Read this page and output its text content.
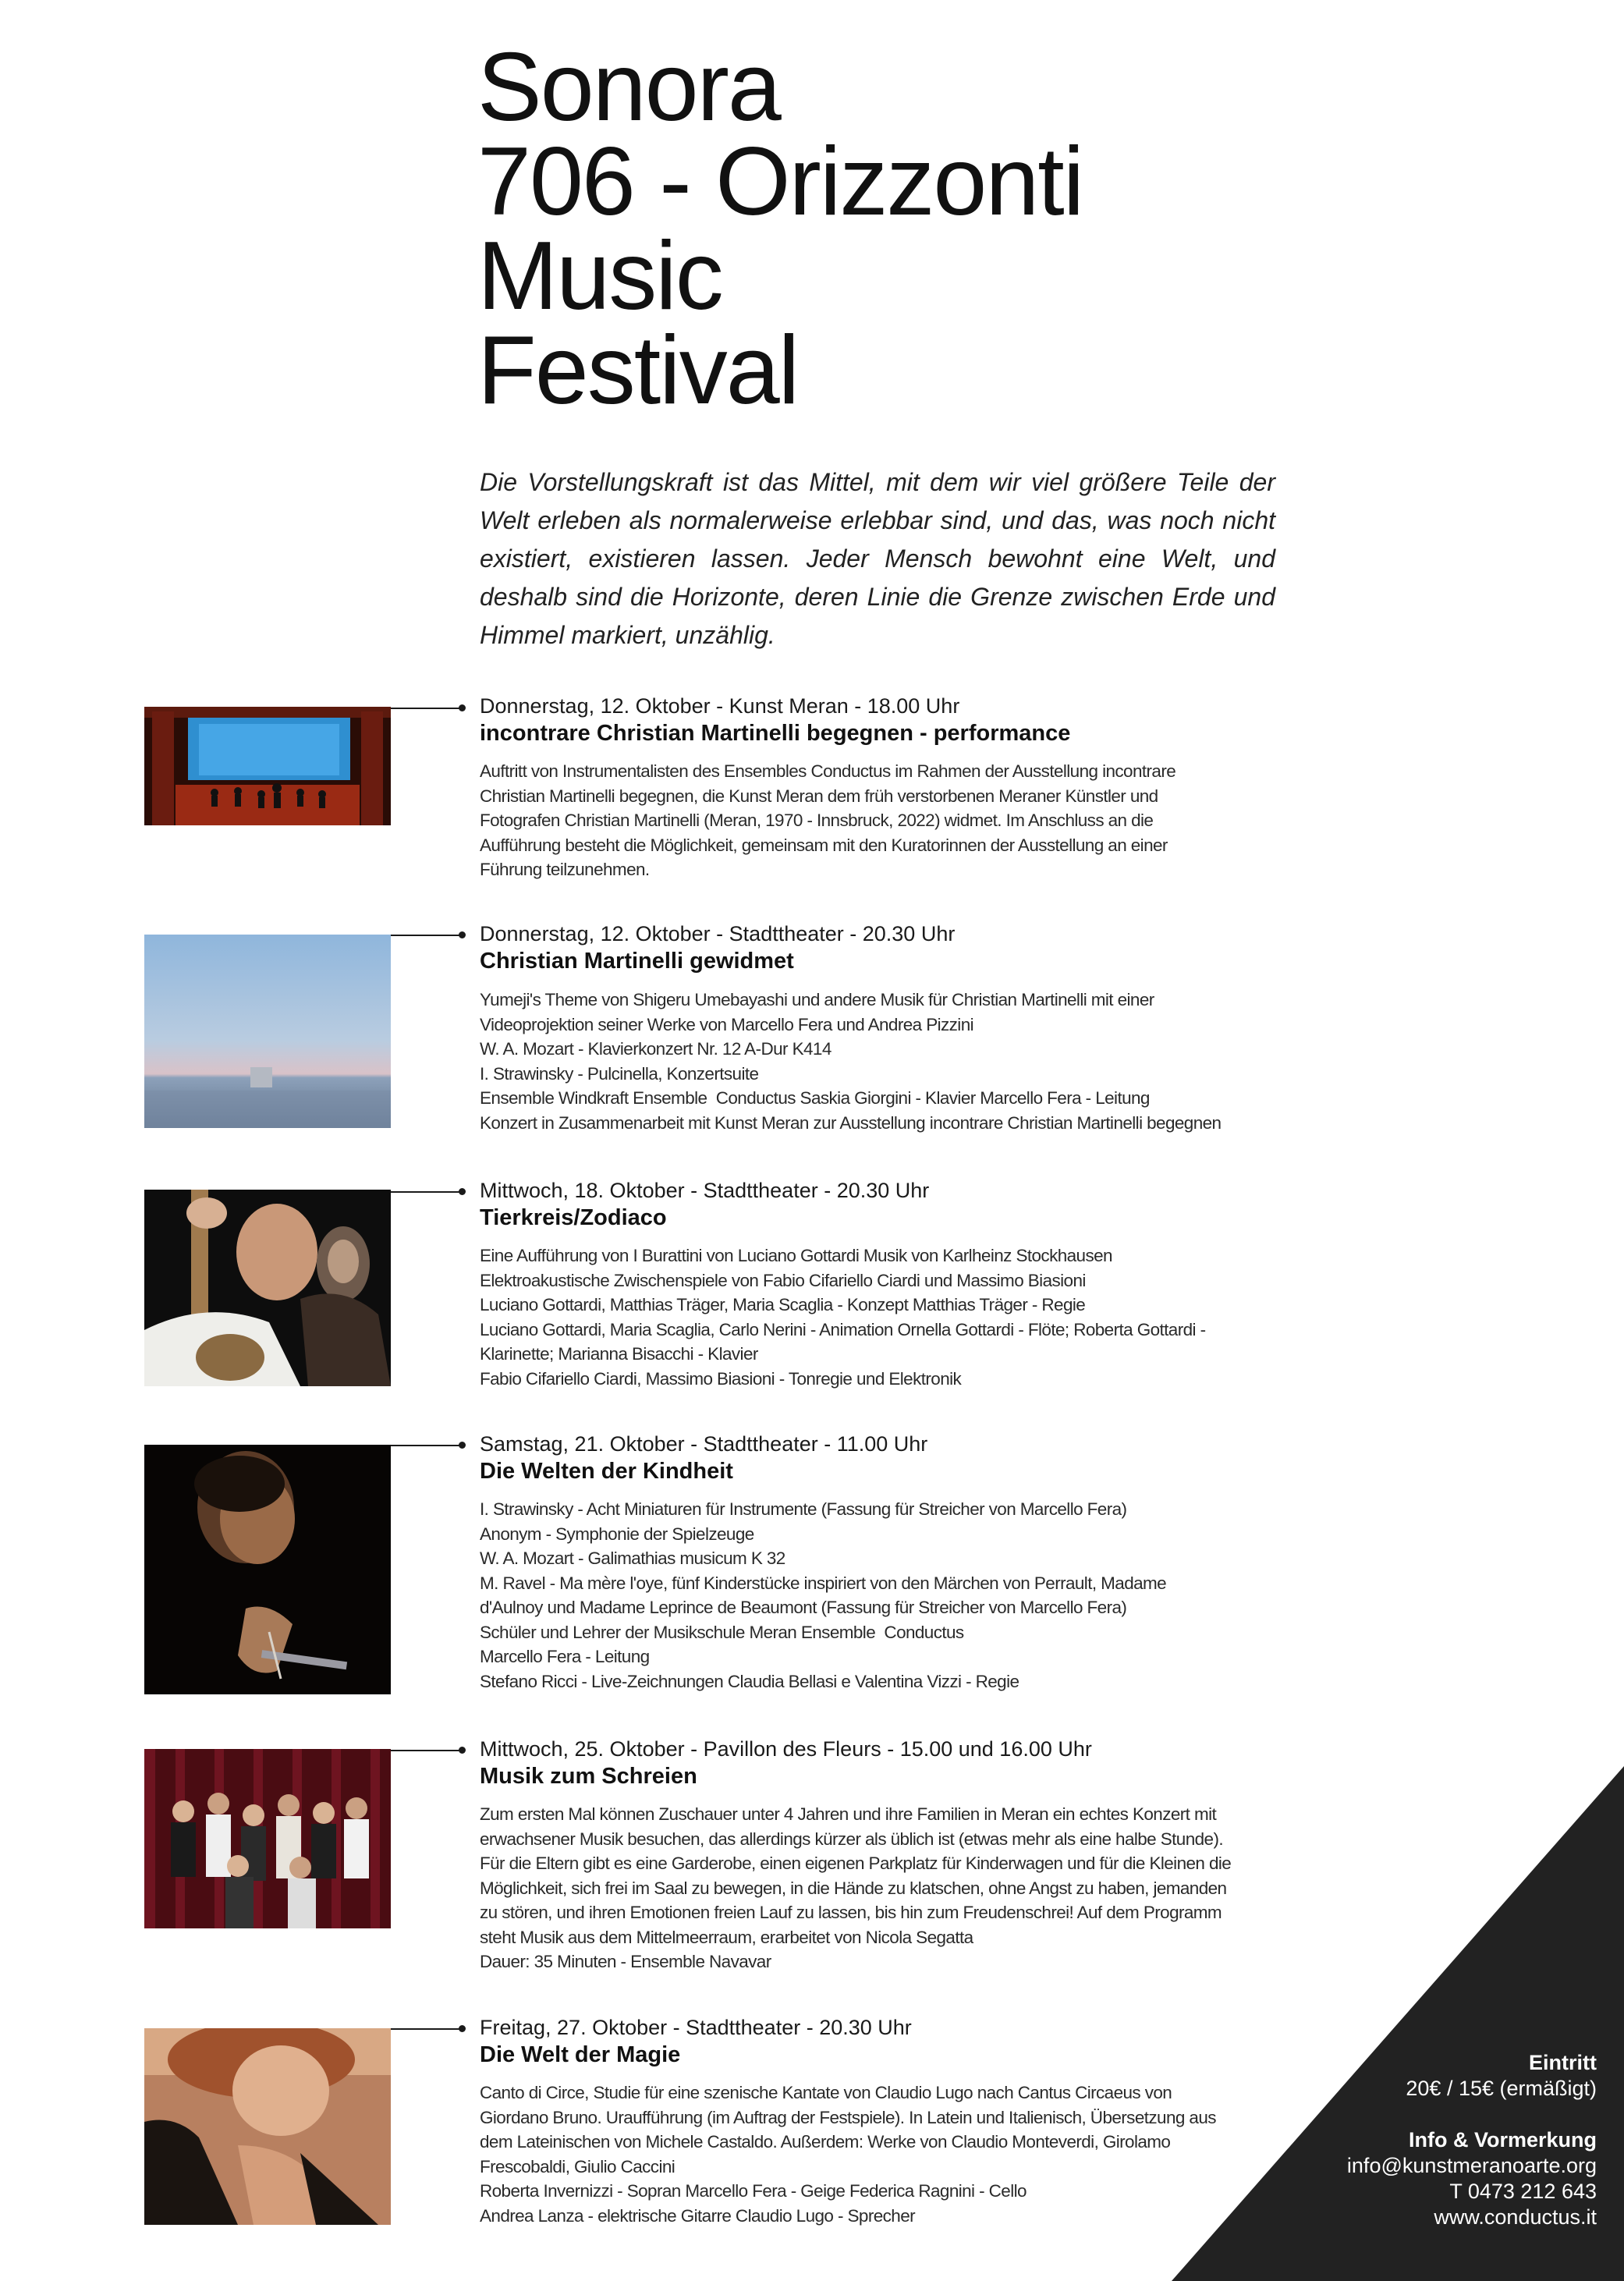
Sonora
706 - Orizzonti
Music
Festival

Die Vorstellungskraft ist das Mittel, mit dem wir viel größere Teile der Welt erleben als normalerweise erlebbar sind, und das, was noch nicht existiert, existieren lassen. Jeder Mensch bewohnt eine Welt, und deshalb sind die Horizonte, deren Linie die Grenze zwischen Erde und Himmel markiert, unzählig.

Donnerstag, 12. Oktober - Kunst Meran - 18.00 Uhr
incontrare Christian Martinelli begegnen - performance
Auftritt von Instrumentalisten des Ensembles Conductus im Rahmen der Ausstellung incontrare
Christian Martinelli begegnen, die Kunst Meran dem früh verstorbenen Meraner Künstler und
Fotografen Christian Martinelli (Meran, 1970 - Innsbruck, 2022) widmet. Im Anschluss an die
Aufführung besteht die Möglichkeit, gemeinsam mit den Kuratorinnen der Ausstellung an einer
Führung teilzunehmen.
Donnerstag, 12. Oktober - Stadttheater - 20.30 Uhr
Christian Martinelli gewidmet
Yumeji's Theme von Shigeru Umebayashi und andere Musik für Christian Martinelli mit einer
Videoprojektion seiner Werke von Marcello Fera und Andrea Pizzini
W. A. Mozart - Klavierkonzert Nr. 12 A-Dur K414
I. Strawinsky - Pulcinella, Konzertsuite
Ensemble Windkraft Ensemble  Conductus Saskia Giorgini - Klavier Marcello Fera - Leitung
Konzert in Zusammenarbeit mit Kunst Meran zur Ausstellung incontrare Christian Martinelli begegnen
Mittwoch, 18. Oktober - Stadttheater - 20.30 Uhr
Tierkreis/Zodiaco
Eine Aufführung von I Burattini von Luciano Gottardi Musik von Karlheinz Stockhausen
Elektroakustische Zwischenspiele von Fabio Cifariello Ciardi und Massimo Biasioni
Luciano Gottardi, Matthias Träger, Maria Scaglia - Konzept Matthias Träger - Regie
Luciano Gottardi, Maria Scaglia, Carlo Nerini - Animation Ornella Gottardi - Flöte; Roberta Gottardi -
Klarinette; Marianna Bisacchi - Klavier
Fabio Cifariello Ciardi, Massimo Biasioni - Tonregie und Elektronik
Samstag, 21. Oktober - Stadttheater - 11.00 Uhr
Die Welten der Kindheit
I. Strawinsky - Acht Miniaturen für Instrumente (Fassung für Streicher von Marcello Fera)
Anonym - Symphonie der Spielzeuge
W. A. Mozart - Galimathias musicum K 32
M. Ravel - Ma mère l'oye, fünf Kinderstücke inspiriert von den Märchen von Perrault, Madame
d'Aulnoy und Madame Leprince de Beaumont (Fassung für Streicher von Marcello Fera)
Schüler und Lehrer der Musikschule Meran Ensemble  Conductus
Marcello Fera - Leitung
Stefano Ricci - Live-Zeichnungen Claudia Bellasi e Valentina Vizzi - Regie
Mittwoch, 25. Oktober - Pavillon des Fleurs - 15.00 und 16.00 Uhr
Musik zum Schreien
Zum ersten Mal können Zuschauer unter 4 Jahren und ihre Familien in Meran ein echtes Konzert mit
erwachsener Musik besuchen, das allerdings kürzer als üblich ist (etwas mehr als eine halbe Stunde).
Für die Eltern gibt es eine Garderobe, einen eigenen Parkplatz für Kinderwagen und für die Kleinen die
Möglichkeit, sich frei im Saal zu bewegen, in die Hände zu klatschen, ohne Angst zu haben, jemanden
zu stören, und ihren Emotionen freien Lauf zu lassen, bis hin zum Freudenschrei! Auf dem Programm
steht Musik aus dem Mittelmeerraum, erarbeitet von Nicola Segatta
Dauer: 35 Minuten - Ensemble Navavar
Freitag, 27. Oktober - Stadttheater - 20.30 Uhr
Die Welt der Magie
Canto di Circe, Studie für eine szenische Kantate von Claudio Lugo nach Cantus Circaeus von
Giordano Bruno. Uraufführung (im Auftrag der Festspiele). In Latein und Italienisch, Übersetzung aus
dem Lateinischen von Michele Castaldo. Außerdem: Werke von Claudio Monteverdi, Girolamo
Frescobaldi, Giulio Caccini
Roberta Invernizzi - Sopran Marcello Fera - Geige Federica Ragnini - Cello
Andrea Lanza - elektrische Gitarre Claudio Lugo - Sprecher
Eintritt
20€ / 15€ (ermäßigt)
Info & Vormerkung
info@kunstmeranoarte.org
T 0473 212 643
www.conductus.it
